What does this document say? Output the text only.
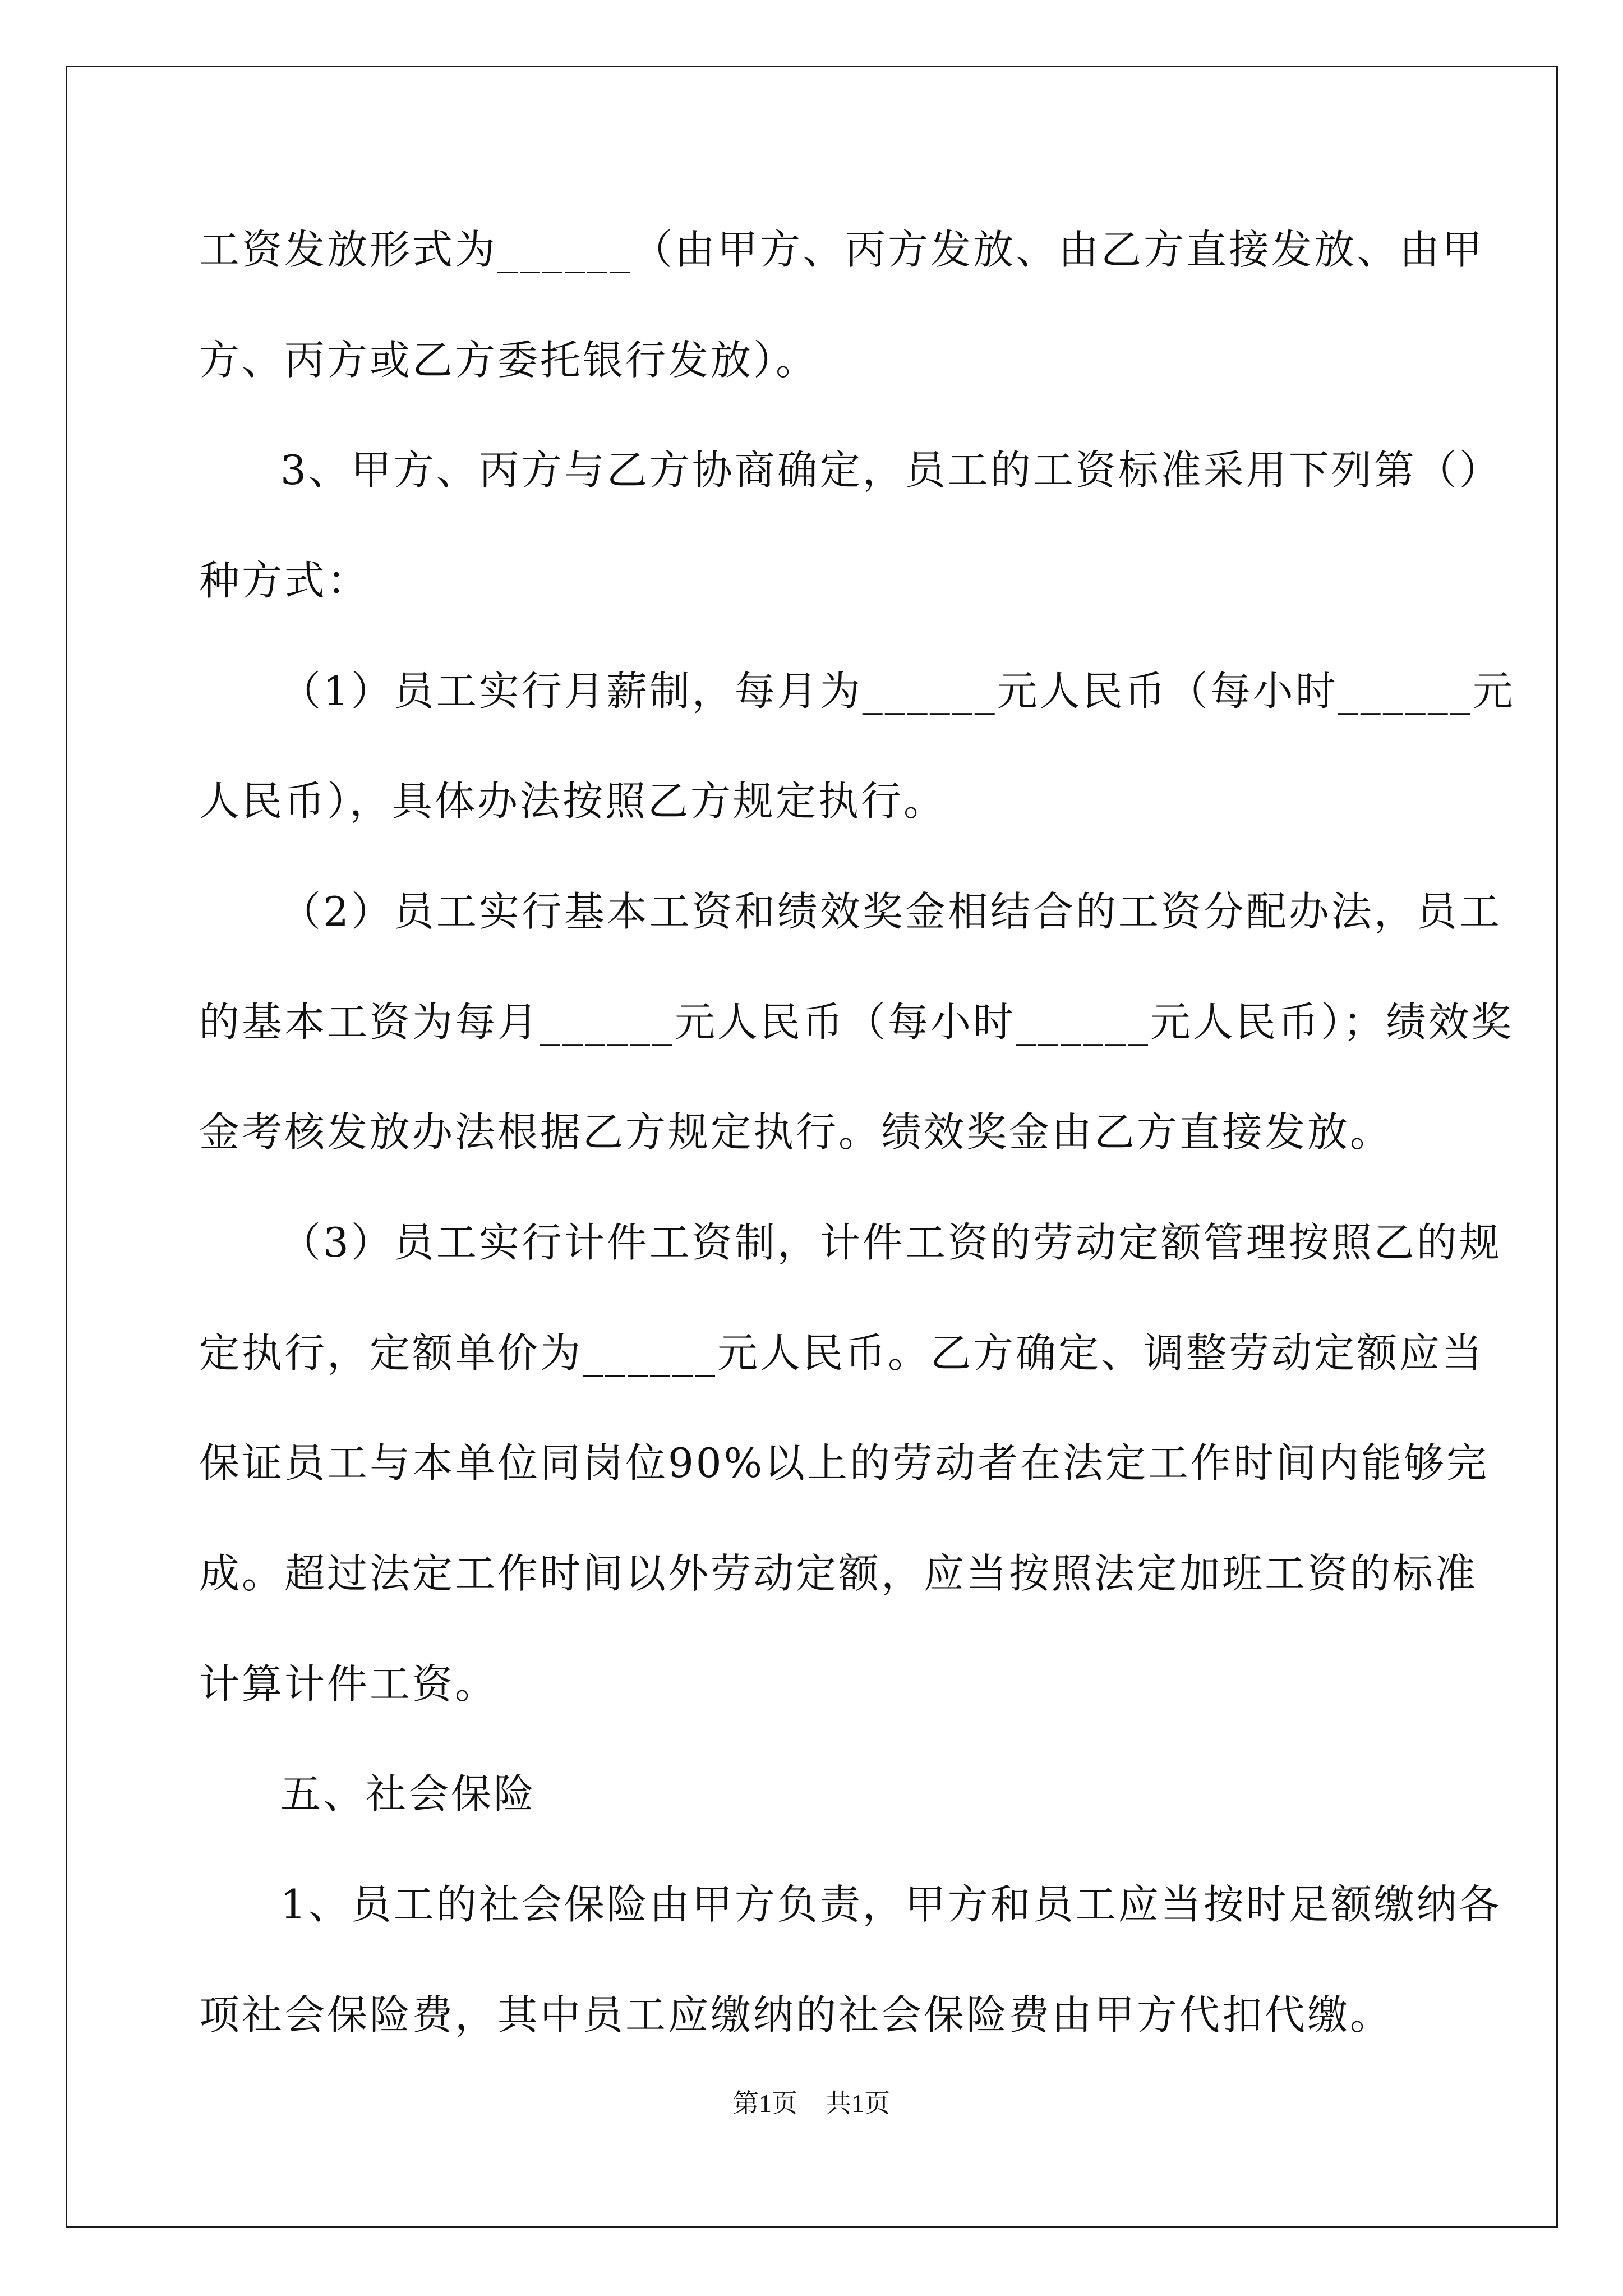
工资发放形式为______（由甲方、丙方发放、由乙方直接发放、由甲
方、丙方或乙方委托银行发放）。
3、甲方、丙方与乙方协商确定，员工的工资标准采用下列第（）
种方式：
（1）员工实行月薪制，每月为______元人民币（每小时______元
人民币），具体办法按照乙方规定执行。
（2）员工实行基本工资和绩效奖金相结合的工资分配办法，员工
的基本工资为每月______元人民币（每小时______元人民币）；绩效奖
金考核发放办法根据乙方规定执行。绩效奖金由乙方直接发放。
（3）员工实行计件工资制，计件工资的劳动定额管理按照乙的规
定执行，定额单价为______元人民币。乙方确定、调整劳动定额应当
保证员工与本单位同岗位90%以上的劳动者在法定工作时间内能够完
成。超过法定工作时间以外劳动定额，应当按照法定加班工资的标准
计算计件工资。
五、社会保险
1、员工的社会保险由甲方负责，甲方和员工应当按时足额缴纳各
项社会保险费，其中员工应缴纳的社会保险费由甲方代扣代缴。
第1页 共1页
